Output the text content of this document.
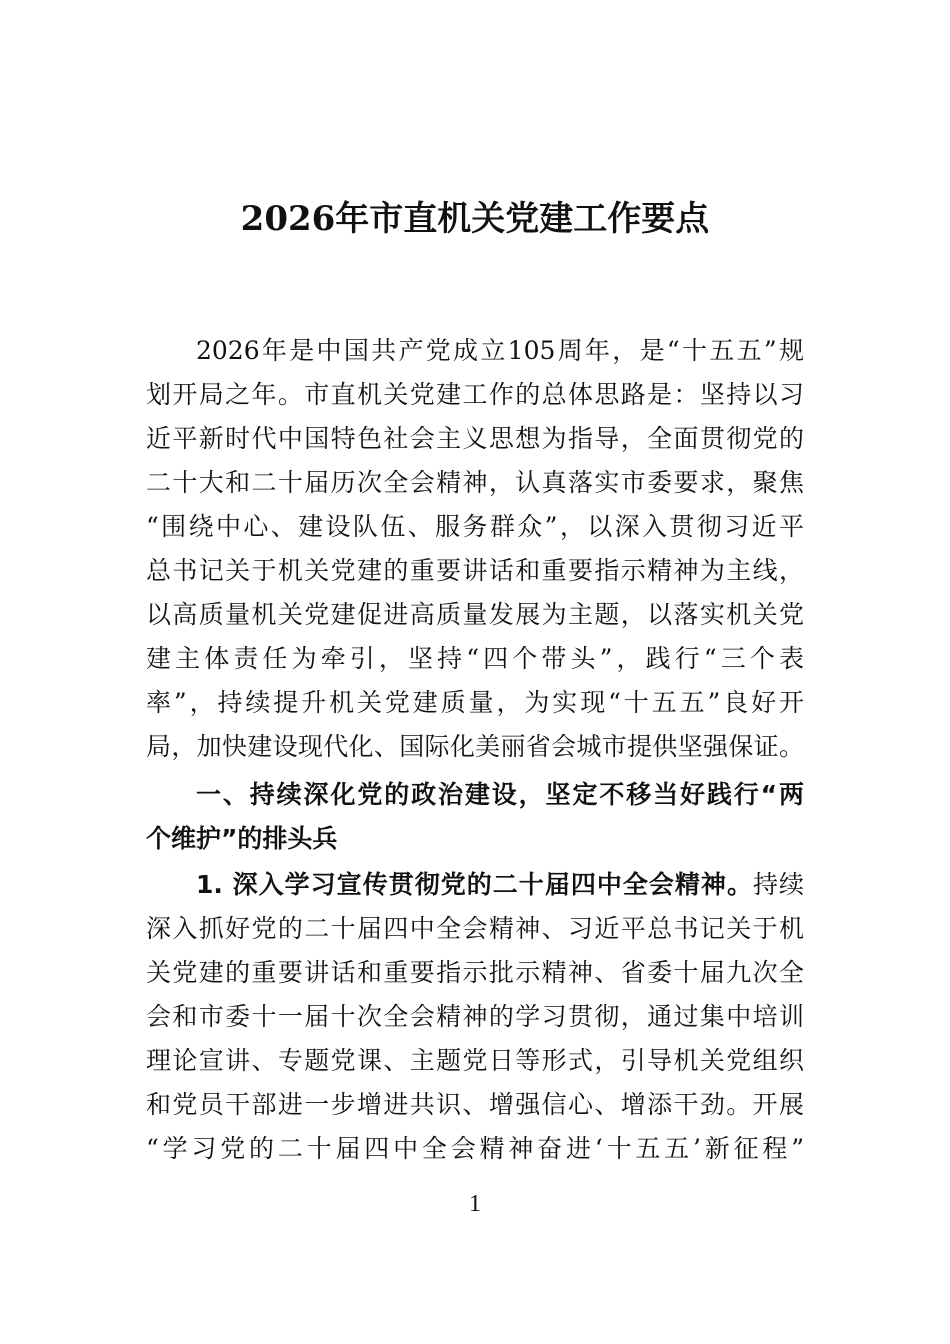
2026年市直机关党建工作要点
2026年是中国共产党成立105周年，是“十五五”规
划开局之年。市直机关党建工作的总体思路是：坚持以习
近平新时代中国特色社会主义思想为指导，全面贯彻党的
二十大和二十届历次全会精神，认真落实市委要求，聚焦
“围绕中心、建设队伍、服务群众”，以深入贯彻习近平
总书记关于机关党建的重要讲话和重要指示精神为主线，
以高质量机关党建促进高质量发展为主题，以落实机关党
建主体责任为牵引，坚持“四个带头”，践行“三个表
率”，持续提升机关党建质量，为实现“十五五”良好开
局，加快建设现代化、国际化美丽省会城市提供坚强保证。
一、持续深化党的政治建设，坚定不移当好践行“两
个维护”的排头兵
1. 深入学习宣传贯彻党的二十届四中全会精神。持续
深入抓好党的二十届四中全会精神、习近平总书记关于机
关党建的重要讲话和重要指示批示精神、省委十届九次全
会和市委十一届十次全会精神的学习贯彻，通过集中培训
理论宣讲、专题党课、主题党日等形式，引导机关党组织
和党员干部进一步增进共识、增强信心、增添干劲。开展
“学习党的二十届四中全会精神奋进‘十五五’新征程”
1
